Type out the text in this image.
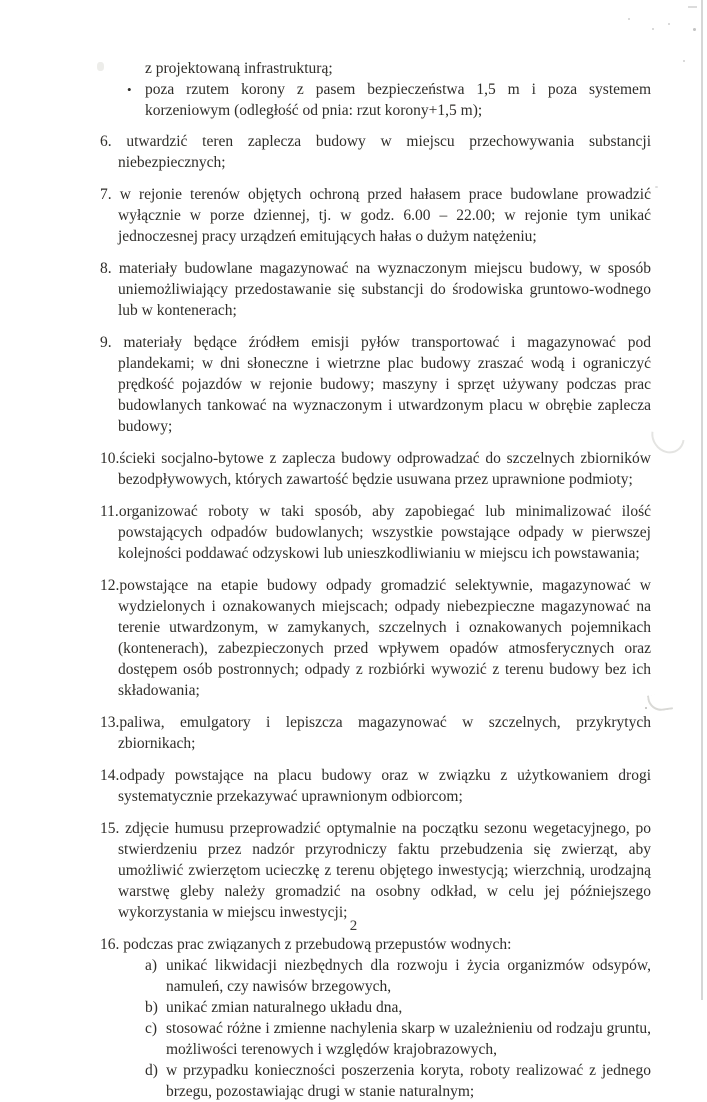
z projektowaną infrastrukturą;
• poza rzutem korony z pasem bezpieczeństwa 1,5 m i poza systemem korzeniowym (odległość od pnia: rzut korony+1,5 m);
6. utwardzić teren zaplecza budowy w miejscu przechowywania substancji niebezpiecznych;
7. w rejonie terenów objętych ochroną przed hałasem prace budowlane prowadzić wyłącznie w porze dziennej, tj. w godz. 6.00 – 22.00; w rejonie tym unikać jednoczesnej pracy urządzeń emitujących hałas o dużym natężeniu;
8. materiały budowlane magazynować na wyznaczonym miejscu budowy, w sposób uniemożliwiający przedostawanie się substancji do środowiska gruntowo-wodnego lub w kontenerach;
9. materiały będące źródłem emisji pyłów transportować i magazynować pod plandekami; w dni słoneczne i wietrzne plac budowy zraszać wodą i ograniczyć prędkość pojazdów w rejonie budowy; maszyny i sprzęt używany podczas prac budowlanych tankować na wyznaczonym i utwardzonym placu w obrębie zaplecza budowy;
10.ścieki socjalno-bytowe z zaplecza budowy odprowadzać do szczelnych zbiorników bezodpływowych, których zawartość będzie usuwana przez uprawnione podmioty;
11.organizować roboty w taki sposób, aby zapobiegać lub minimalizować ilość powstających odpadów budowlanych; wszystkie powstające odpady w pierwszej kolejności poddawać odzyskowi lub unieszkodliwianiu w miejscu ich powstawania;
12.powstające na etapie budowy odpady gromadzić selektywnie, magazynować w wydzielonych i oznakowanych miejscach; odpady niebezpieczne magazynować na terenie utwardzonym, w zamykanych, szczelnych i oznakowanych pojemnikach (kontenerach), zabezpieczonych przed wpływem opadów atmosferycznych oraz dostępem osób postronnych; odpady z rozbiórki wywozić z terenu budowy bez ich składowania;
13.paliwa, emulgatory i lepiszcza magazynować w szczelnych, przykrytych zbiornikach;
14.odpady powstające na placu budowy oraz w związku z użytkowaniem drogi systematycznie przekazywać uprawnionym odbiorcom;
15. zdjęcie humusu przeprowadzić optymalnie na początku sezonu wegetacyjnego, po stwierdzeniu przez nadzór przyrodniczy faktu przebudzenia się zwierząt, aby umożliwić zwierzętom ucieczkę z terenu objętego inwestycją; wierzchnią, urodzajną warstwę gleby należy gromadzić na osobny odkład, w celu jej późniejszego wykorzystania w miejscu inwestycji;
16. podczas prac związanych z przebudową przepustów wodnych:
a) unikać likwidacji niezbędnych dla rozwoju i życia organizmów odsypów, namuleń, czy nawisów brzegowych,
b) unikać zmian naturalnego układu dna,
c) stosować różne i zmienne nachylenia skarp w uzależnieniu od rodzaju gruntu, możliwości terenowych i względów krajobrazowych,
d) w przypadku konieczności poszerzenia koryta, roboty realizować z jednego brzegu, pozostawiając drugi w stanie naturalnym;
2
